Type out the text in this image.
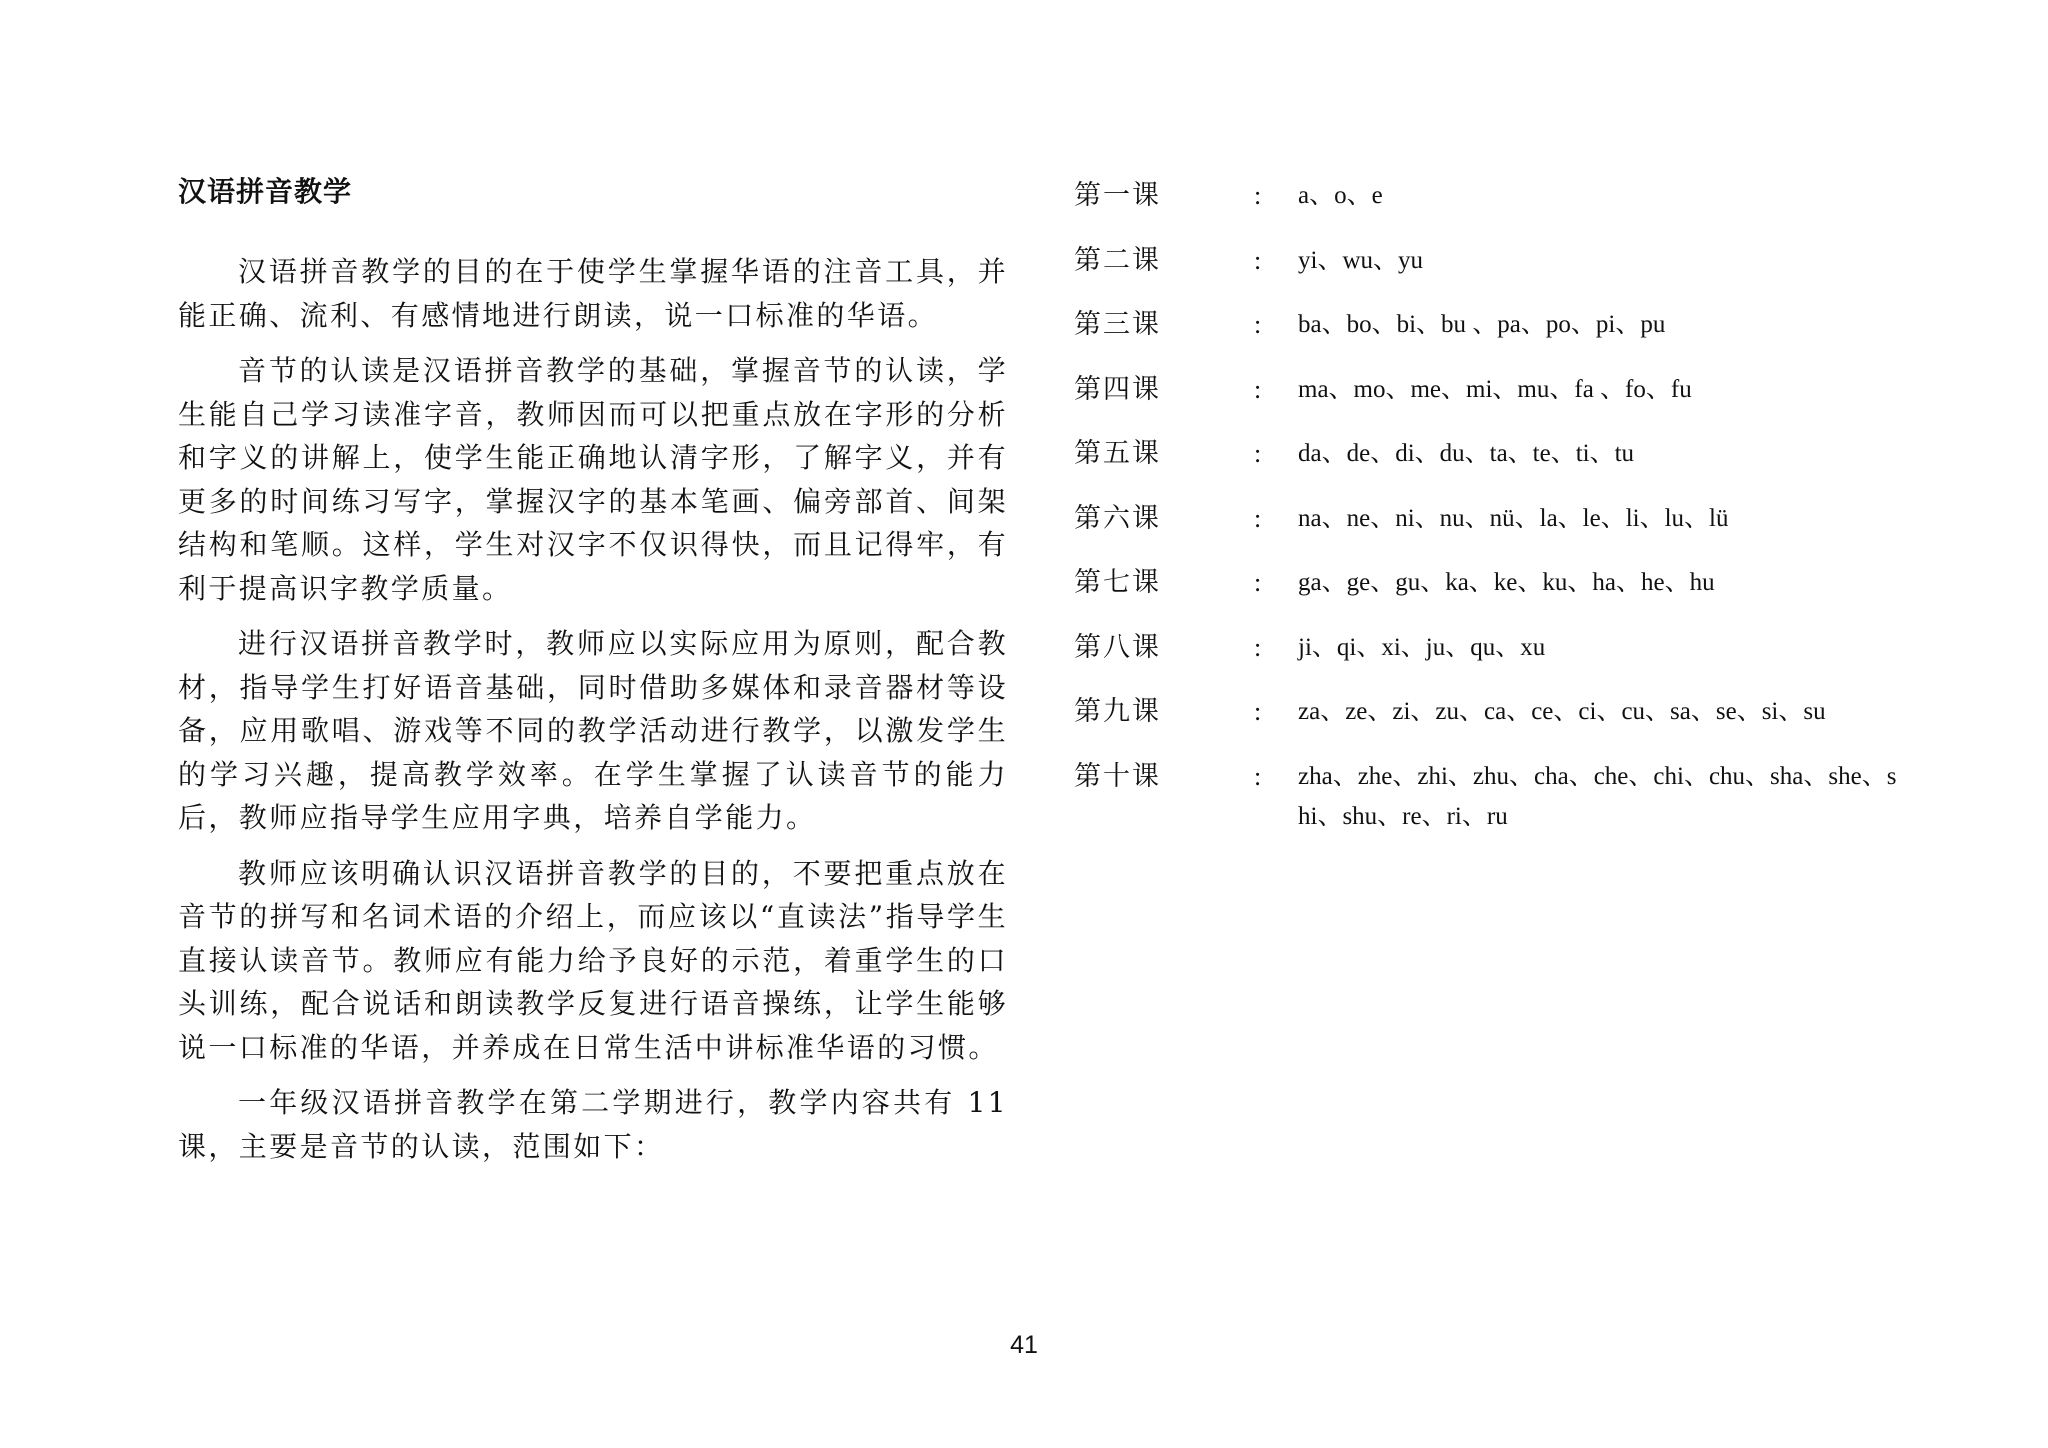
汉语拼音教学

汉语拼音教学的目的在于使学生掌握华语的注音工具，并能正确、流利、有感情地进行朗读，说一口标准的华语。

音节的认读是汉语拼音教学的基础，掌握音节的认读，学生能自己学习读准字音，教师因而可以把重点放在字形的分析和字义的讲解上，使学生能正确地认清字形，了解字义，并有更多的时间练习写字，掌握汉字的基本笔画、偏旁部首、间架结构和笔顺。这样，学生对汉字不仅识得快，而且记得牢，有利于提高识字教学质量。

进行汉语拼音教学时，教师应以实际应用为原则，配合教材，指导学生打好语音基础，同时借助多媒体和录音器材等设备，应用歌唱、游戏等不同的教学活动进行教学，以激发学生的学习兴趣，提高教学效率。在学生掌握了认读音节的能力后，教师应指导学生应用字典，培养自学能力。

教师应该明确认识汉语拼音教学的目的，不要把重点放在音节的拼写和名词术语的介绍上，而应该以“直读法”指导学生直接认读音节。教师应有能力给予良好的示范，着重学生的口头训练，配合说话和朗读教学反复进行语音操练，让学生能够说一口标准的华语，并养成在日常生活中讲标准华语的习惯。

一年级汉语拼音教学在第二学期进行，教学内容共有 11 课，主要是音节的认读，范围如下：

第一课	:	a、o、e
第二课	:	yi、wu、yu
第三课	:	ba、bo、bi、bu 、pa、po、pi、pu
第四课	:	ma、mo、me、mi、mu、fa 、fo、fu
第五课	:	da、de、di、du、ta、te、ti、tu
第六课	:	na、ne、ni、nu、nü、la、le、li、lu、lü
第七课	:	ga、ge、gu、ka、ke、ku、ha、he、hu
第八课	:	ji、qi、xi、ju、qu、xu
第九课	:	za、ze、zi、zu、ca、ce、ci、cu、sa、se、si、su
第十课	:	zha、zhe、zhi、zhu、cha、che、chi、chu、sha、she、shi、shu、re、ri、ru
41
